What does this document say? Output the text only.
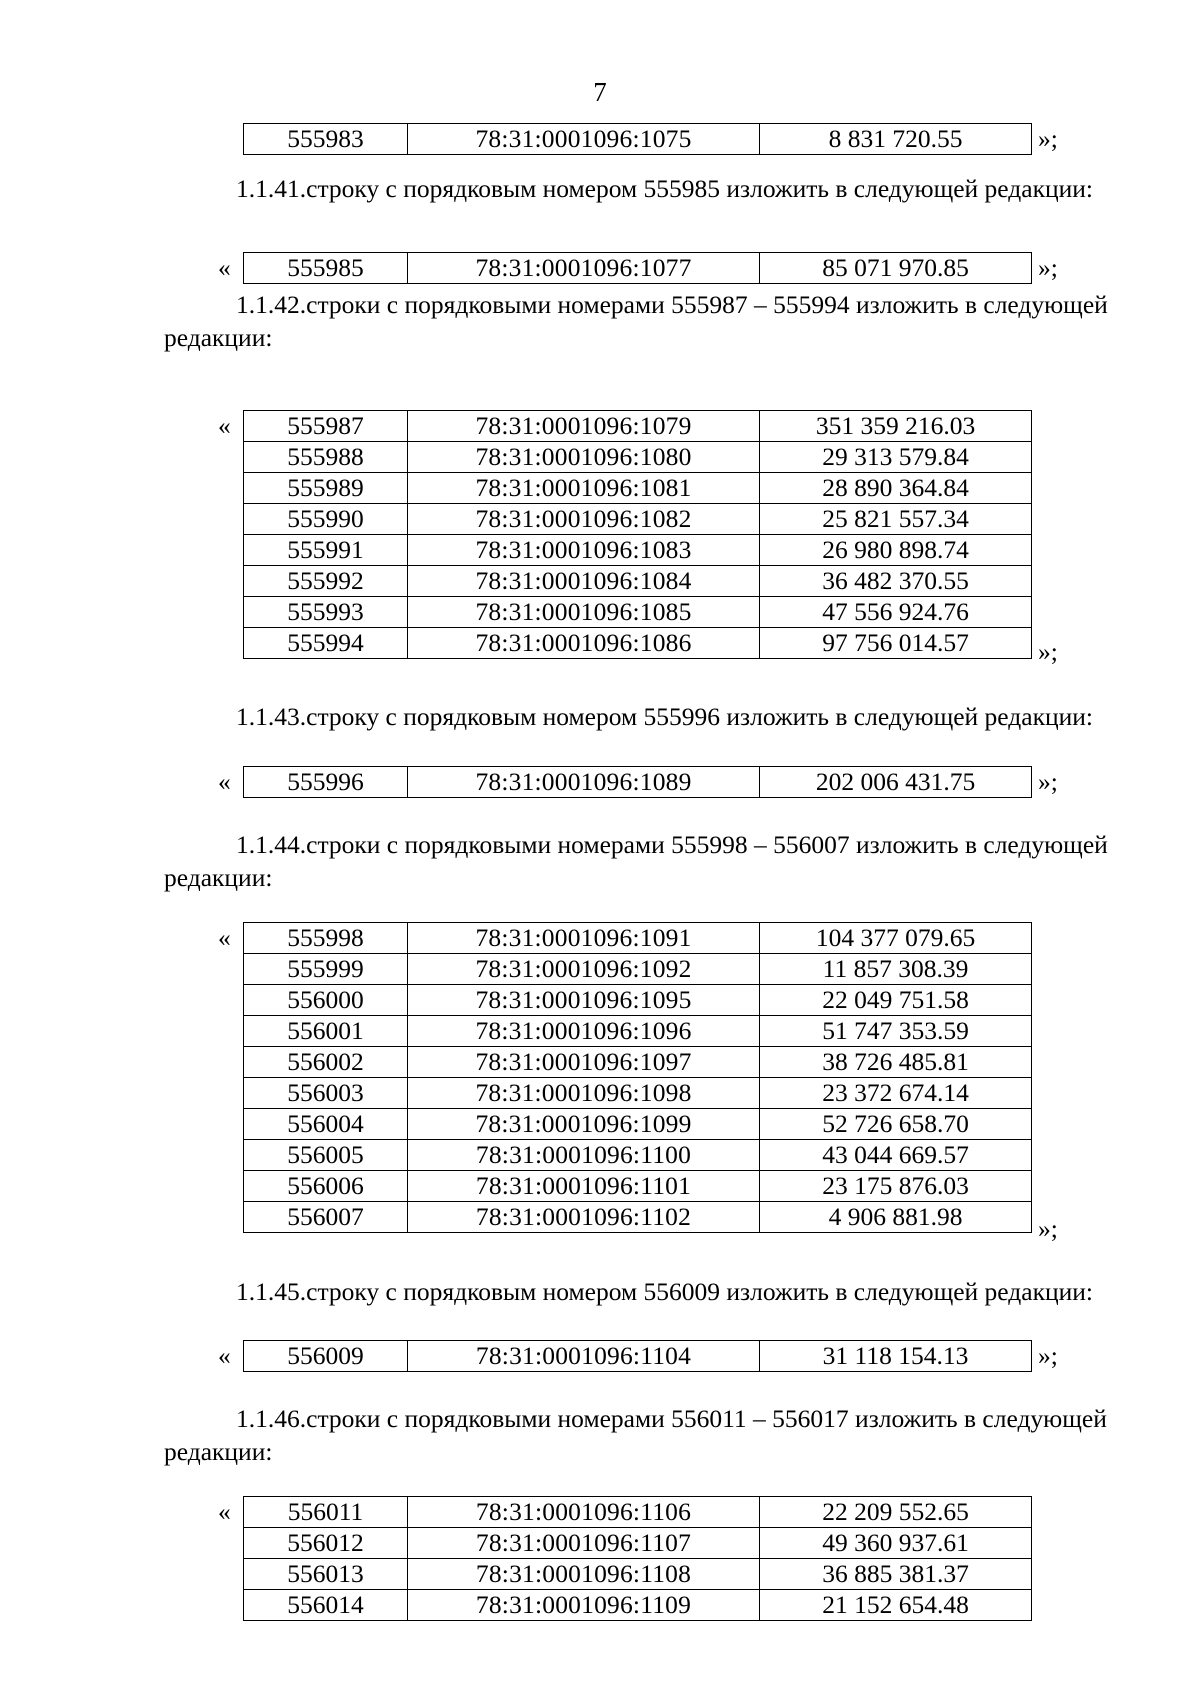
7
555983	78:31:0001096:1075	8 831 720.55	»;
1.1.41.строку с порядковым номером 555985 изложить в следующей редакции:
555985	78:31:0001096:1077	85 071 970.85
«	»;
1.1.42.строки с порядковыми номерами 555987 – 555994 изложить в следующей редакции:
555987	78:31:0001096:1079	351 359 216.03
555988	78:31:0001096:1080	29 313 579.84
555989	78:31:0001096:1081	28 890 364.84
555990	78:31:0001096:1082	25 821 557.34
555991	78:31:0001096:1083	26 980 898.74
555992	78:31:0001096:1084	36 482 370.55
555993	78:31:0001096:1085	47 556 924.76
555994	78:31:0001096:1086	97 756 014.57
«
»;
1.1.43.строку с порядковым номером 555996 изложить в следующей редакции:
555996	78:31:0001096:1089	202 006 431.75
«	»;
1.1.44.строки с порядковыми номерами 555998 – 556007 изложить в следующей редакции:
555998	78:31:0001096:1091	104 377 079.65
555999	78:31:0001096:1092	11 857 308.39
556000	78:31:0001096:1095	22 049 751.58
556001	78:31:0001096:1096	51 747 353.59
556002	78:31:0001096:1097	38 726 485.81
556003	78:31:0001096:1098	23 372 674.14
556004	78:31:0001096:1099	52 726 658.70
556005	78:31:0001096:1100	43 044 669.57
556006	78:31:0001096:1101	23 175 876.03
556007	78:31:0001096:1102	4 906 881.98
«
»;
1.1.45.строку с порядковым номером 556009 изложить в следующей редакции:
556009	78:31:0001096:1104	31 118 154.13
«	»;
1.1.46.строки с порядковыми номерами 556011 – 556017 изложить в следующей редакции:
556011	78:31:0001096:1106	22 209 552.65
556012	78:31:0001096:1107	49 360 937.61
556013	78:31:0001096:1108	36 885 381.37
556014	78:31:0001096:1109	21 152 654.48
«
